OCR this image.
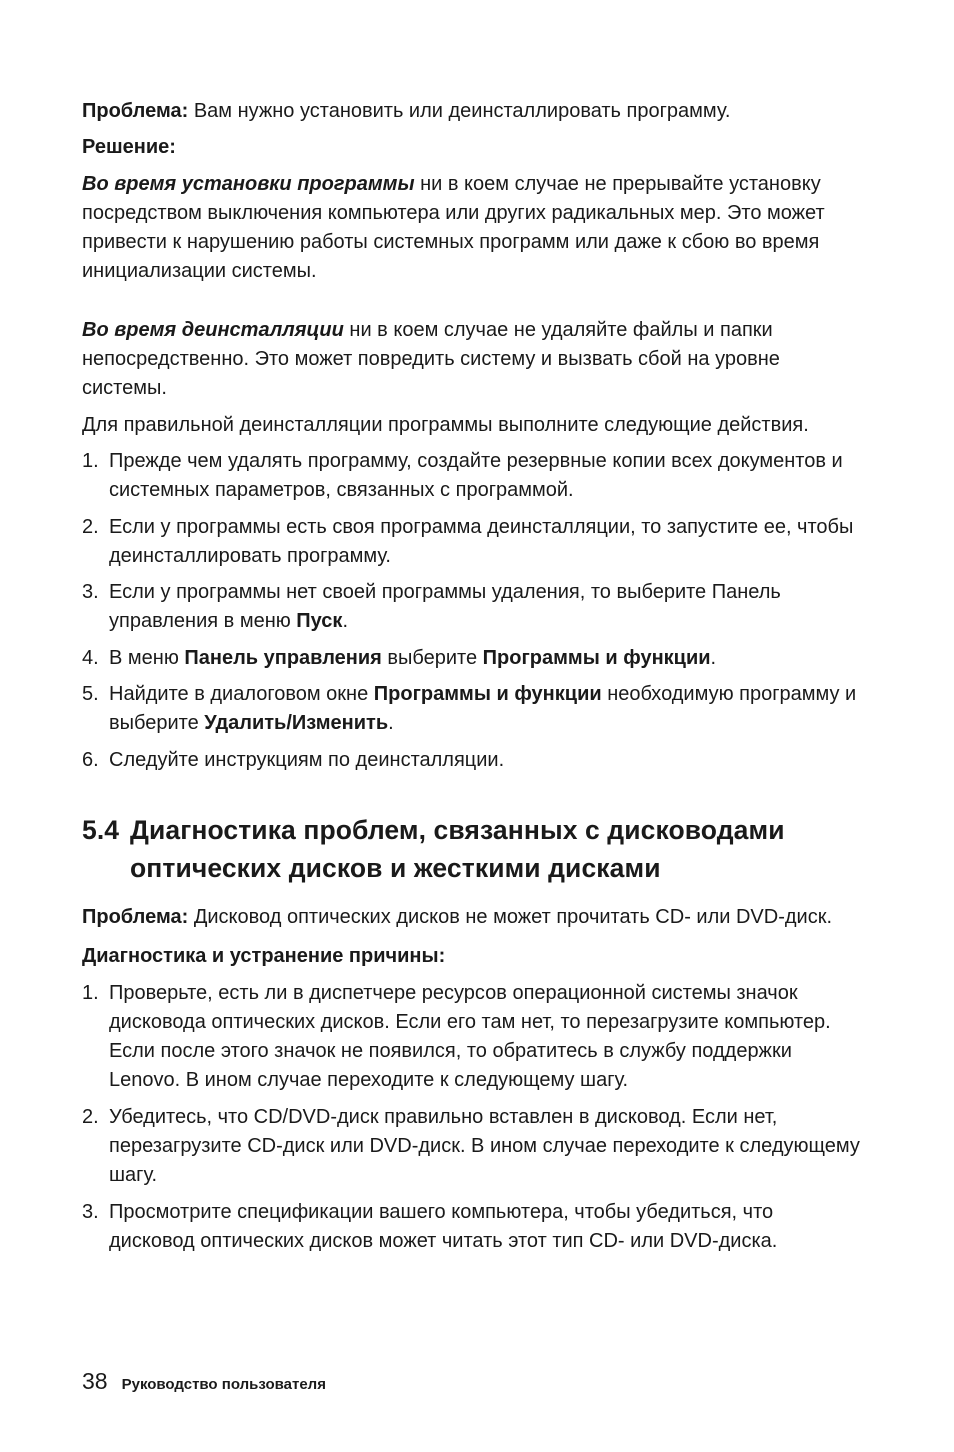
Проблема: Вам нужно установить или деинсталлировать программу.

Решение:

Во время установки программы ни в коем случае не прерывайте установку посредством выключения компьютера или других радикальных мер. Это может привести к нарушению работы системных программ или даже к сбою во время инициализации системы.

Во время деинсталляции ни в коем случае не удаляйте файлы и папки непосредственно. Это может повредить систему и вызвать сбой на уровне системы.

Для правильной деинсталляции программы выполните следующие действия.

1. Прежде чем удалять программу, создайте резервные копии всех документов и системных параметров, связанных с программой.
2. Если у программы есть своя программа деинсталляции, то запустите ее, чтобы деинсталлировать программу.
3. Если у программы нет своей программы удаления, то выберите Панель управления в меню Пуск.
4. В меню Панель управления выберите Программы и функции.
5. Найдите в диалоговом окне Программы и функции необходимую программу и выберите Удалить/Изменить.
6. Следуйте инструкциям по деинсталляции.
5.4 Диагностика проблем, связанных с дисководами оптических дисков и жесткими дисками

Проблема: Дисковод оптических дисков не может прочитать CD- или DVD-диск.

Диагностика и устранение причины:

1. Проверьте, есть ли в диспетчере ресурсов операционной системы значок дисковода оптических дисков. Если его там нет, то перезагрузите компьютер. Если после этого значок не появился, то обратитесь в службу поддержки Lenovo. В ином случае переходите к следующему шагу.
2. Убедитесь, что CD/DVD-диск правильно вставлен в дисковод. Если нет, перезагрузите CD-диск или DVD-диск. В ином случае переходите к следующему шагу.
3. Просмотрите спецификации вашего компьютера, чтобы убедиться, что дисковод оптических дисков может читать этот тип CD- или DVD-диска.
38 Руководство пользователя
